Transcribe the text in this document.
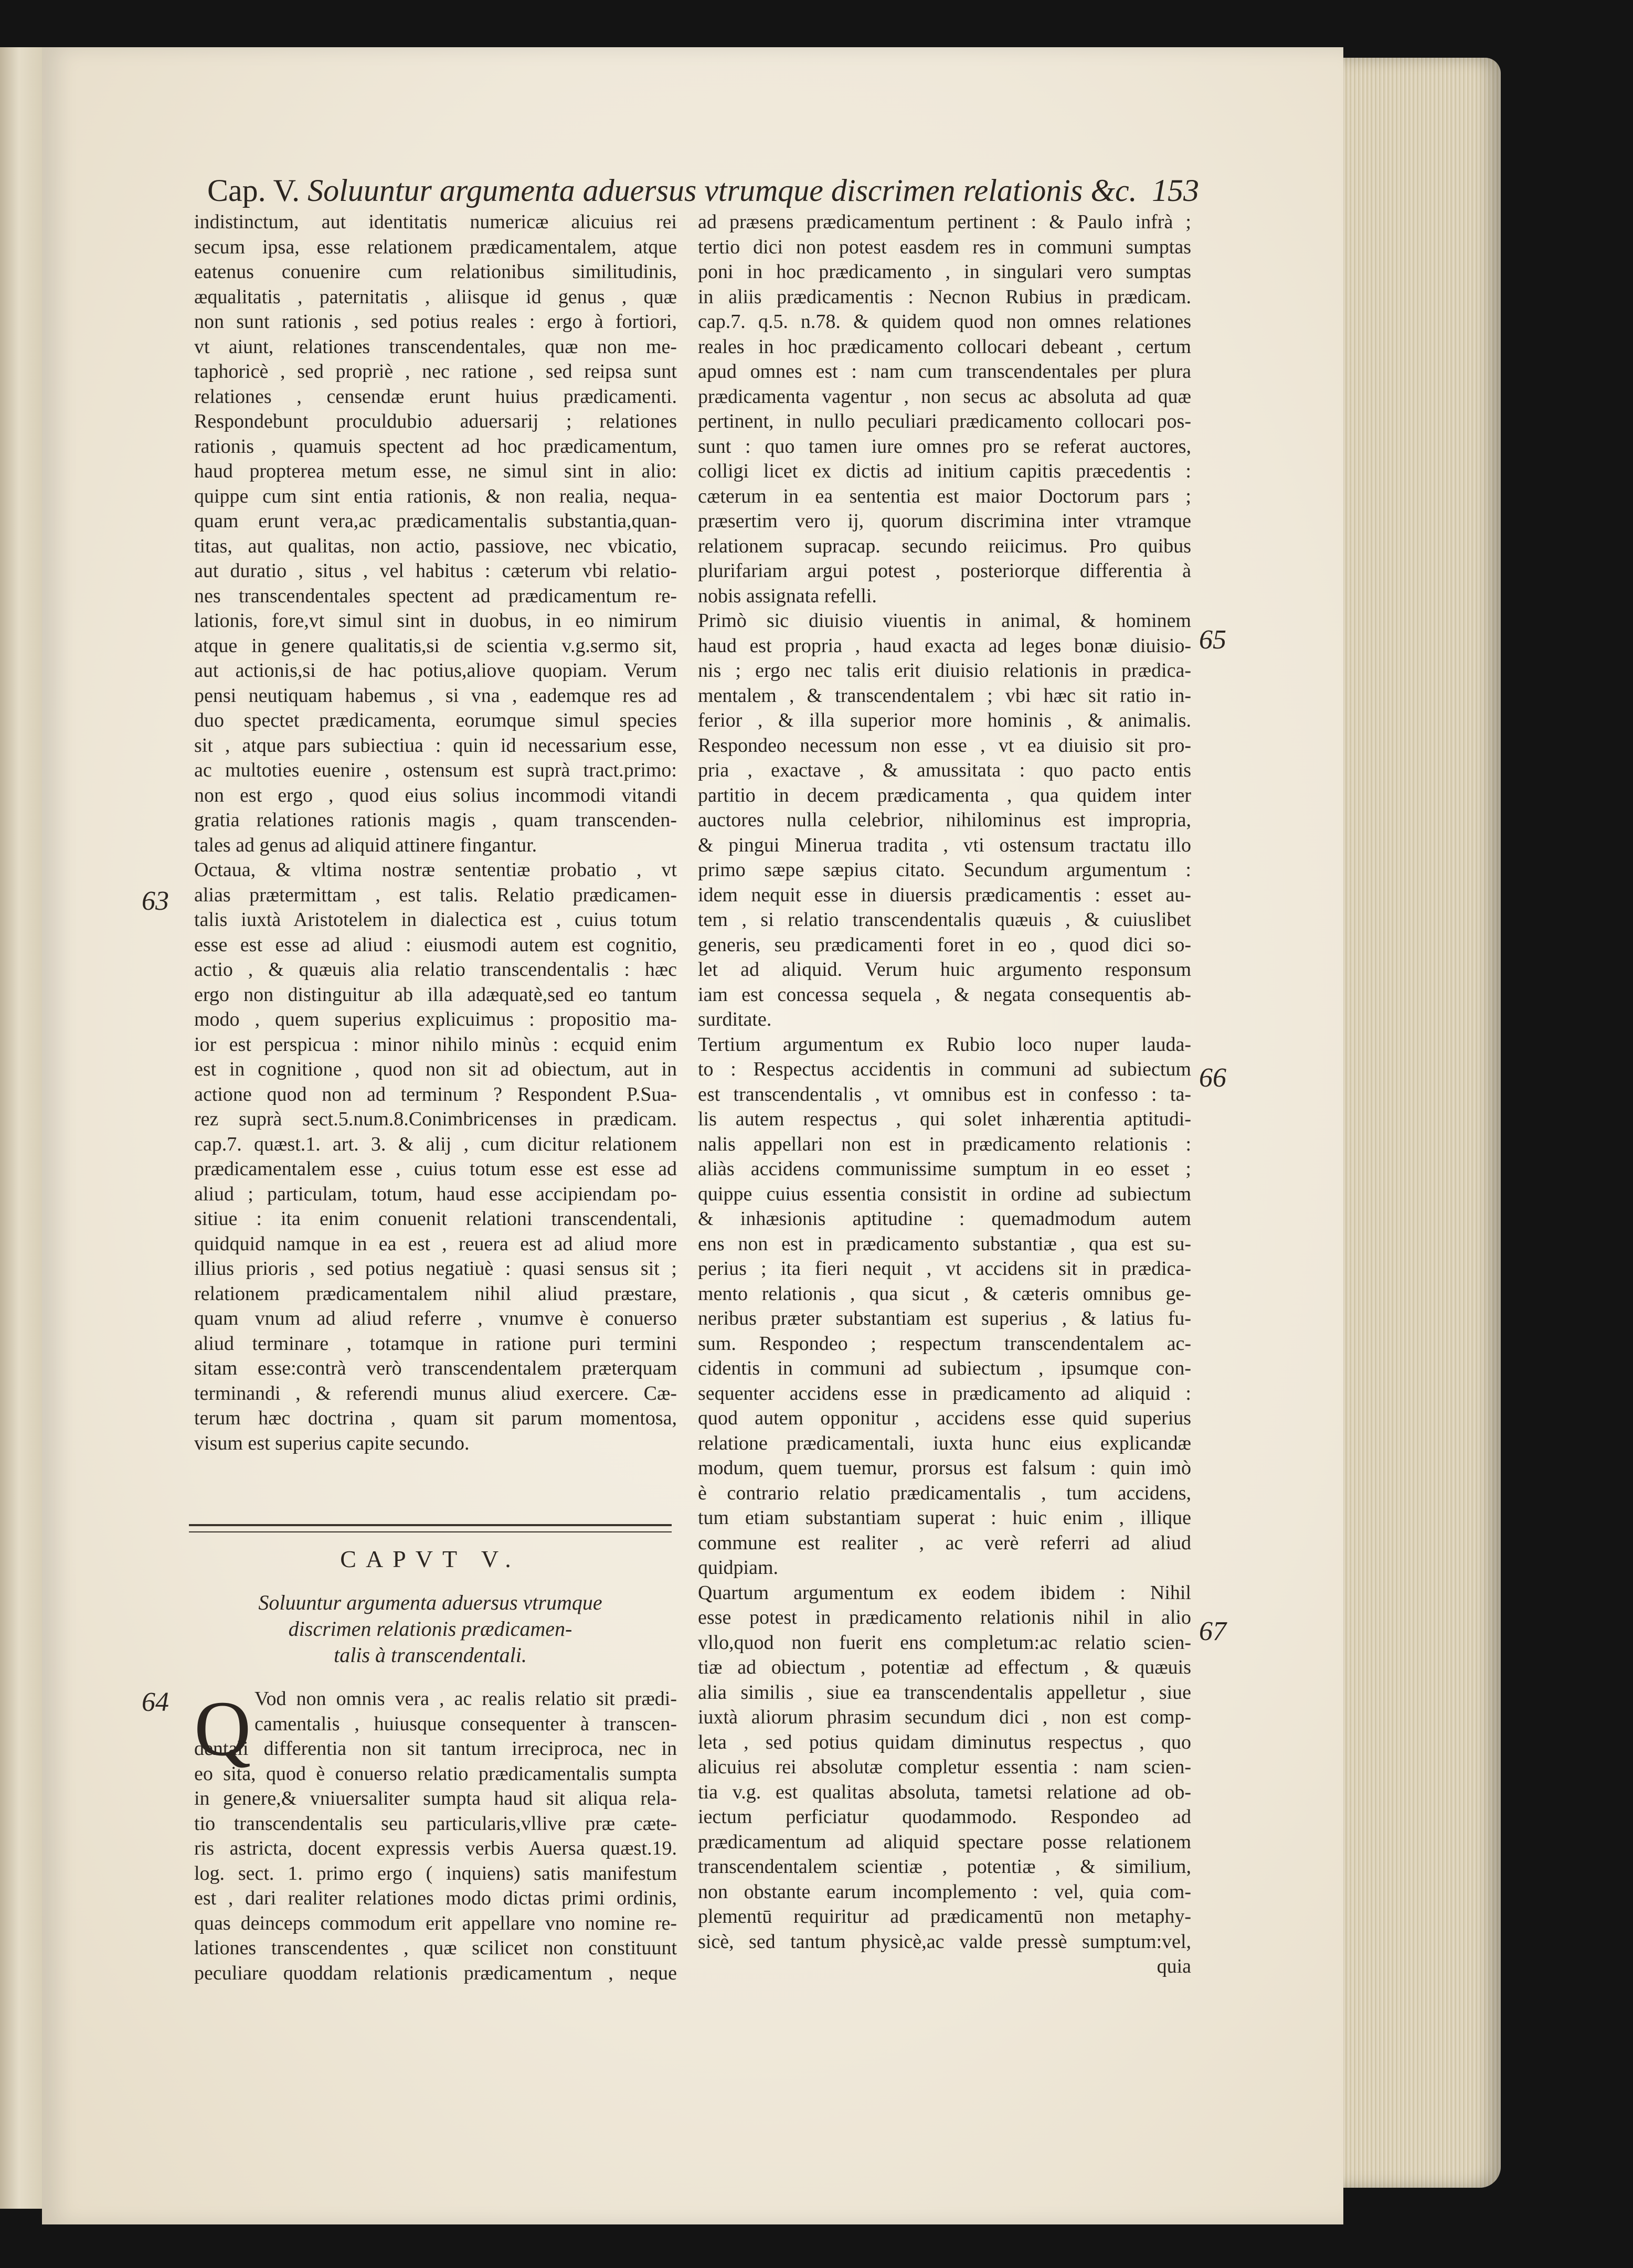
Cap. V. Soluuntur argumenta aduersus vtrumque discrimen relationis &c. 153
indistinctum, aut identitatis numericæ alicuius rei
secum ipsa, esse relationem prædicamentalem, atque
eatenus conuenire cum relationibus similitudinis,
æqualitatis , paternitatis , aliisque id genus , quæ
non sunt rationis , sed potius reales : ergo à fortiori,
vt aiunt, relationes transcendentales, quæ non me-
taphoricè , sed propriè , nec ratione , sed reipsa sunt
relationes , censendæ erunt huius prædicamenti.
Respondebunt proculdubio aduersarij ; relationes
rationis , quamuis spectent ad hoc prædicamentum,
haud propterea metum esse, ne simul sint in alio:
quippe cum sint entia rationis, & non realia, nequa-
quam erunt vera,ac prædicamentalis substantia,quan-
titas, aut qualitas, non actio, passiove, nec vbicatio,
aut duratio , situs , vel habitus : cæterum vbi relatio-
nes transcendentales spectent ad prædicamentum re-
lationis, fore,vt simul sint in duobus, in eo nimirum
atque in genere qualitatis,si de scientia v.g.sermo sit,
aut actionis,si de hac potius,aliove quopiam. Verum
pensi neutiquam habemus , si vna , eademque res ad
duo spectet prædicamenta, eorumque simul species
sit , atque pars subiectiua : quin id necessarium esse,
ac multoties euenire , ostensum est suprà tract.primo:
non est ergo , quod eius solius incommodi vitandi
gratia relationes rationis magis , quam transcenden-
tales ad genus ad aliquid attinere fingantur.
Octaua, & vltima nostræ sententiæ probatio , vt
alias prætermittam , est talis. Relatio prædicamen-
talis iuxtà Aristotelem in dialectica est , cuius totum
esse est esse ad aliud : eiusmodi autem est cognitio,
actio , & quæuis alia relatio transcendentalis : hæc
ergo non distinguitur ab illa adæquatè,sed eo tantum
modo , quem superius explicuimus : propositio ma-
ior est perspicua : minor nihilo minùs : ecquid enim
est in cognitione , quod non sit ad obiectum, aut in
actione quod non ad terminum ? Respondent P.Sua-
rez suprà sect.5.num.8.Conimbricenses in prædicam.
cap.7. quæst.1. art. 3. & alij , cum dicitur relationem
prædicamentalem esse , cuius totum esse est esse ad
aliud ; particulam, totum, haud esse accipiendam po-
sitiue : ita enim conuenit relationi transcendentali,
quidquid namque in ea est , reuera est ad aliud more
illius prioris , sed potius negatiuè : quasi sensus sit ;
relationem prædicamentalem nihil aliud præstare,
quam vnum ad aliud referre , vnumve è conuerso
aliud terminare , totamque in ratione puri termini
sitam esse:contrà verò transcendentalem præterquam
terminandi , & referendi munus aliud exercere. Cæ-
terum hæc doctrina , quam sit parum momentosa,
visum est superius capite secundo.
63
CAPVT V.
Soluuntur argumenta aduersus vtrumque
discrimen relationis prædicamen-
talis à transcendentali.
64 Q Vod non omnis vera , ac realis relatio sit prædi-
camentalis , huiusque consequenter à transcen-
dentali differentia non sit tantum irreciproca, nec in
eo sita, quod è conuerso relatio prædicamentalis sumpta
in genere,& vniuersaliter sumpta haud sit aliqua rela-
tio transcendentalis seu particularis,vllive præ cæte-
ris astricta, docent expressis verbis Auersa quæst.19.
log. sect. 1. primo ergo ( inquiens) satis manifestum
est , dari realiter relationes modo dictas primi ordinis,
quas deinceps commodum erit appellare vno nomine re-
lationes transcendentes , quæ scilicet non constituunt
peculiare quoddam relationis prædicamentum , neque
ad præsens prædicamentum pertinent : & Paulo infrà ;
tertio dici non potest easdem res in communi sumptas
poni in hoc prædicamento , in singulari vero sumptas
in aliis prædicamentis : Necnon Rubius in prædicam.
cap.7. q.5. n.78. & quidem quod non omnes relationes
reales in hoc prædicamento collocari debeant , certum
apud omnes est : nam cum transcendentales per plura
prædicamenta vagentur , non secus ac absoluta ad quæ
pertinent, in nullo peculiari prædicamento collocari pos-
sunt : quo tamen iure omnes pro se referat auctores,
colligi licet ex dictis ad initium capitis præcedentis :
cæterum in ea sententia est maior Doctorum pars ;
præsertim vero ij, quorum discrimina inter vtramque
relationem supracap. secundo reiicimus. Pro quibus
plurifariam argui potest , posteriorque differentia à
nobis assignata refelli.
Primò sic diuisio viuentis in animal, & hominem
haud est propria , haud exacta ad leges bonæ diuisio-
nis ; ergo nec talis erit diuisio relationis in prædica-
mentalem , & transcendentalem ; vbi hæc sit ratio in-
ferior , & illa superior more hominis , & animalis.
Respondeo necessum non esse , vt ea diuisio sit pro-
pria , exactave , & amussitata : quo pacto entis
partitio in decem prædicamenta , qua quidem inter
auctores nulla celebrior, nihilominus est impropria,
& pingui Minerua tradita , vti ostensum tractatu illo
primo sæpe sæpius citato. Secundum argumentum :
idem nequit esse in diuersis prædicamentis : esset au-
tem , si relatio transcendentalis quæuis , & cuiuslibet
generis, seu prædicamenti foret in eo , quod dici so-
let ad aliquid. Verum huic argumento responsum
iam est concessa sequela , & negata consequentis ab-
surditate.
Tertium argumentum ex Rubio loco nuper lauda-
to : Respectus accidentis in communi ad subiectum
est transcendentalis , vt omnibus est in confesso : ta-
lis autem respectus , qui solet inhærentia aptitudi-
nalis appellari non est in prædicamento relationis :
aliàs accidens communissime sumptum in eo esset ;
quippe cuius essentia consistit in ordine ad subiectum
& inhæsionis aptitudine : quemadmodum autem
ens non est in prædicamento substantiæ , qua est su-
perius ; ita fieri nequit , vt accidens sit in prædica-
mento relationis , qua sicut , & cæteris omnibus ge-
neribus præter substantiam est superius , & latius fu-
sum. Respondeo ; respectum transcendentalem ac-
cidentis in communi ad subiectum , ipsumque con-
sequenter accidens esse in prædicamento ad aliquid :
quod autem opponitur , accidens esse quid superius
relatione prædicamentali, iuxta hunc eius explicandæ
modum, quem tuemur, prorsus est falsum : quin imò
è contrario relatio prædicamentalis , tum accidens,
tum etiam substantiam superat : huic enim , illique
commune est realiter , ac verè referri ad aliud
quidpiam.
Quartum argumentum ex eodem ibidem : Nihil
esse potest in prædicamento relationis nihil in alio
vllo,quod non fuerit ens completum:ac relatio scien-
tiæ ad obiectum , potentiæ ad effectum , & quæuis
alia similis , siue ea transcendentalis appelletur , siue
iuxtà aliorum phrasim secundum dici , non est comp-
leta , sed potius quidam diminutus respectus , quo
alicuius rei absolutæ completur essentia : nam scien-
tia v.g. est qualitas absoluta, tametsi relatione ad ob-
iectum perficiatur quodammodo. Respondeo ad
prædicamentum ad aliquid spectare posse relationem
transcendentalem scientiæ , potentiæ , & similium,
non obstante earum incomplemento : vel, quia com-
plementū requiritur ad prædicamentū non metaphy-
sicè, sed tantum physicè,ac valde pressè sumptum:vel,
quia
65
66
67
